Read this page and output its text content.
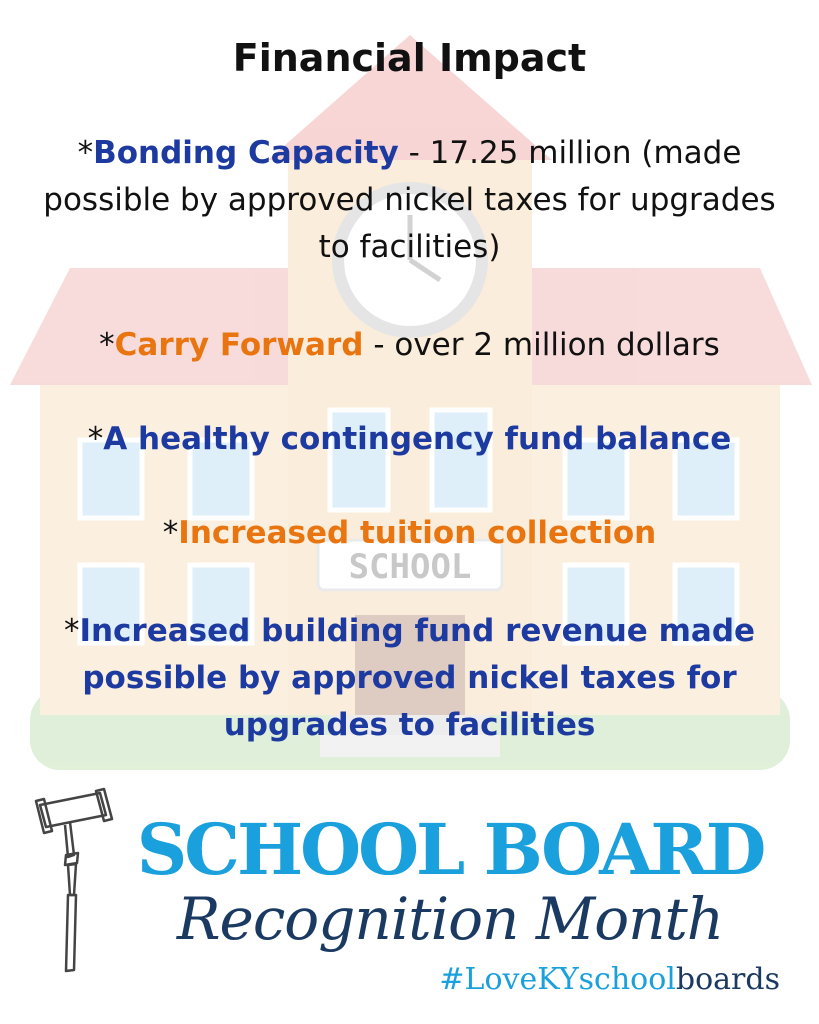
SCHOOL
Financial Impact
*Bonding Capacity - 17.25 million (made possible by approved nickel taxes for upgrades to facilities)
*Carry Forward - over 2 million dollars
*A healthy contingency fund balance
*Increased tuition collection
*Increased building fund revenue made possible by approved nickel taxes for upgrades to facilities
SCHOOL BOARD
Recognition Month
#LoveKYschoolboards
